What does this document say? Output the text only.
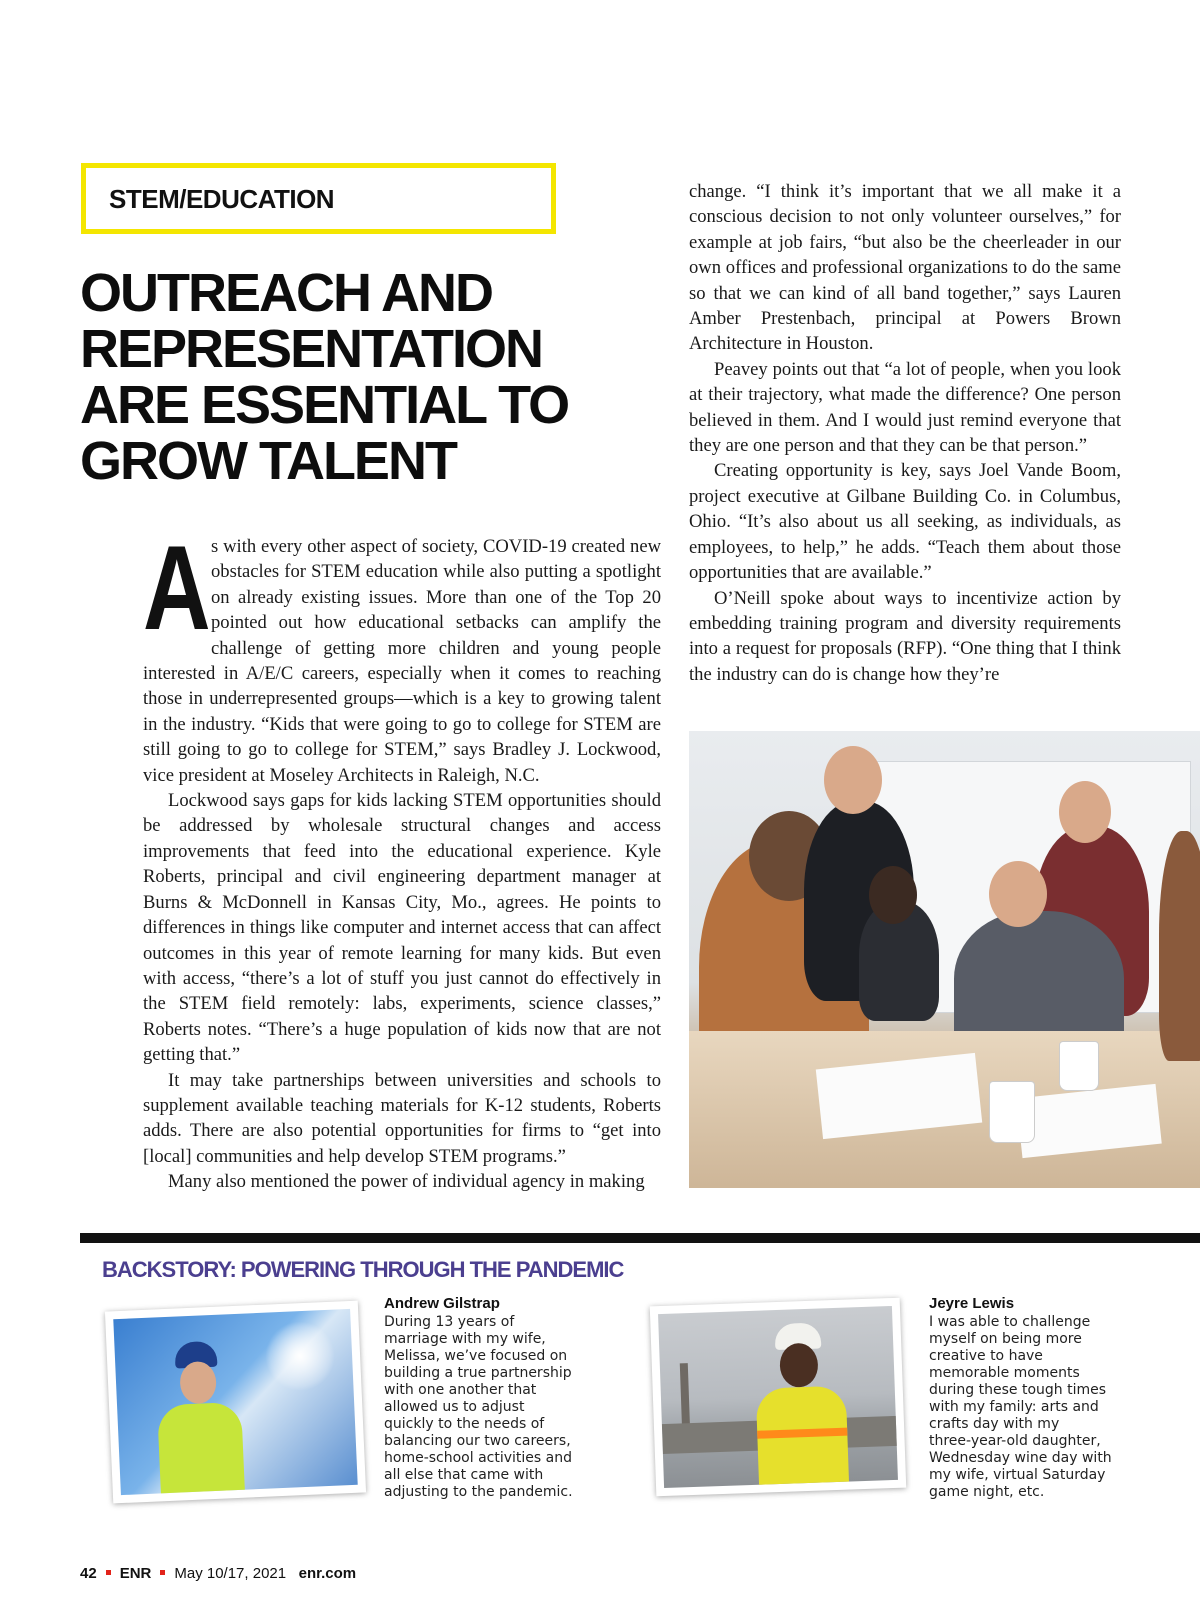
STEM/EDUCATION
OUTREACH AND
REPRESENTATION
ARE ESSENTIAL TO
GROW TALENT

As with every other aspect of society, COVID-19 created new obstacles for STEM education while also putting a spotlight on already existing issues. More than one of the Top 20 pointed out how educational setbacks can amplify the challenge of getting more children and young people interested in A/E/C careers, especially when it comes to reaching those in underrepresented groups—which is a key to growing talent in the industry. “Kids that were going to go to college for STEM are still going to go to college for STEM,” says Bradley J. Lockwood, vice president at Moseley Architects in Raleigh, N.C.

Lockwood says gaps for kids lacking STEM opportunities should be addressed by wholesale structural changes and access improvements that feed into the educational experience. Kyle Roberts, principal and civil engineering department manager at Burns & McDonnell in Kansas City, Mo., agrees. He points to differences in things like computer and internet access that can affect outcomes in this year of remote learning for many kids. But even with access, “there’s a lot of stuff you just cannot do effectively in the STEM field remotely: labs, experiments, science classes,” Roberts notes. “There’s a huge population of kids now that are not getting that.”

It may take partnerships between universities and schools to supplement available teaching materials for K-12 students, Roberts adds. There are also potential opportunities for firms to “get into [local] communities and help develop STEM programs.”

Many also mentioned the power of individual agency in making

change. “I think it’s important that we all make it a conscious decision to not only volunteer ourselves,” for example at job fairs, “but also be the cheerleader in our own offices and professional organizations to do the same so that we can kind of all band together,” says Lauren Amber Prestenbach, principal at Powers Brown Architecture in Houston.

Peavey points out that “a lot of people, when you look at their trajectory, what made the difference? One person believed in them. And I would just remind everyone that they are one person and that they can be that person.”

Creating opportunity is key, says Joel Vande Boom, project executive at Gilbane Building Co. in Columbus, Ohio. “It’s also about us all seeking, as individuals, as employees, to help,” he adds. “Teach them about those opportunities that are available.”

O’Neill spoke about ways to incentivize action by embedding training program and diversity requirements into a request for proposals (RFP). “One thing that I think the industry can do is change how they’re

BACKSTORY: POWERING THROUGH THE PANDEMIC
Andrew Gilstrap
During 13 years of
marriage with my wife,
Melissa, we’ve focused on
building a true partnership
with one another that
allowed us to adjust
quickly to the needs of
balancing our two careers,
home-school activities and
all else that came with
adjusting to the pandemic.
Jeyre Lewis
I was able to challenge
myself on being more
creative to have
memorable moments
during these tough times
with my family: arts and
crafts day with my
three-year-old daughter,
Wednesday wine day with
my wife, virtual Saturday
game night, etc.
42 ENR May 10/17, 2021 enr.com
